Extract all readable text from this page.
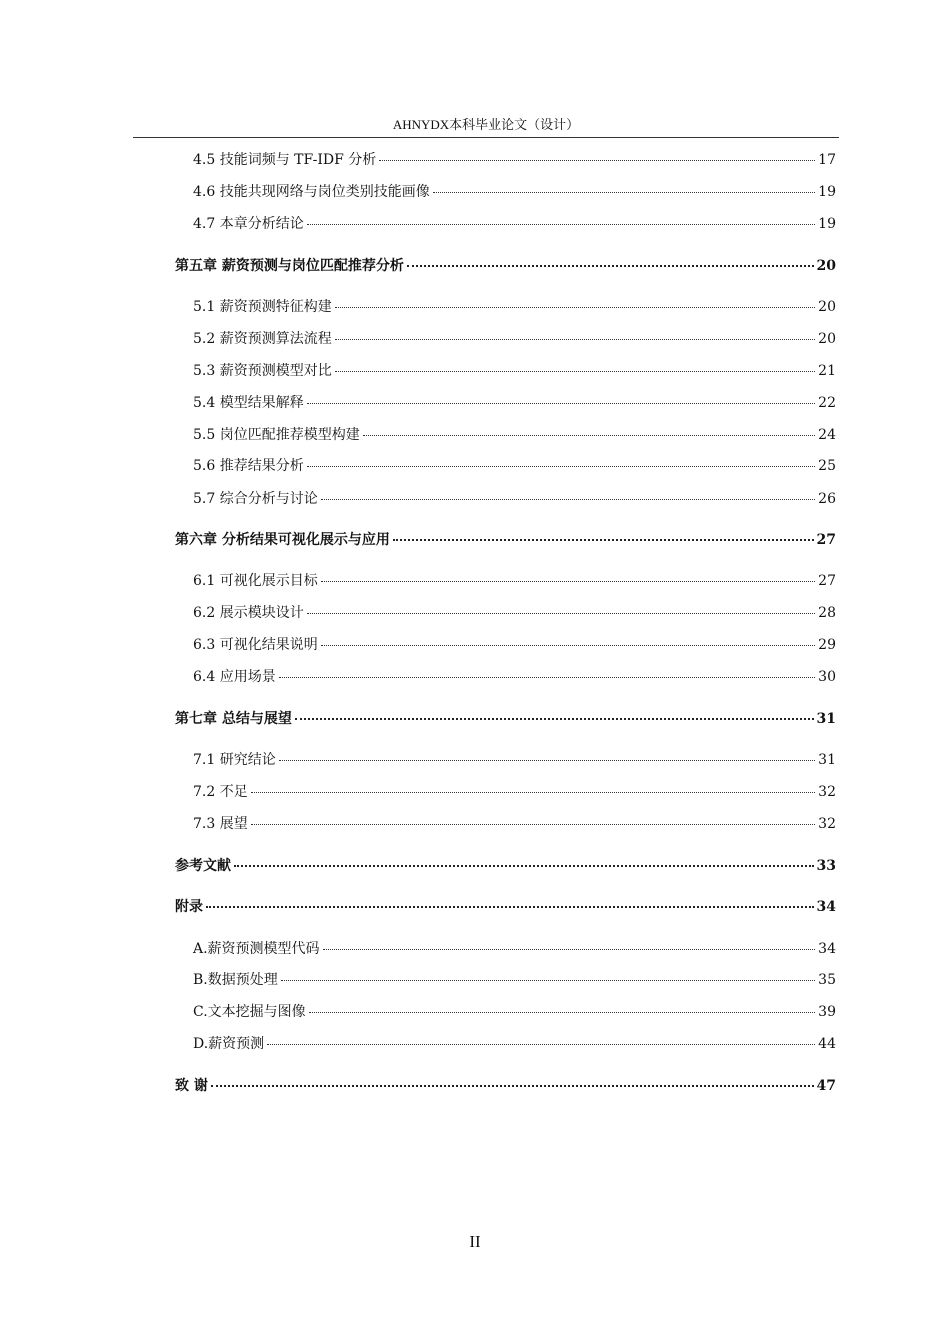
AHNYDX本科毕业论文（设计）
4.5 技能词频与 TF-IDF 分析	17
4.6 技能共现网络与岗位类别技能画像	19
4.7 本章分析结论	19
第五章 薪资预测与岗位匹配推荐分析	20
5.1 薪资预测特征构建	20
5.2 薪资预测算法流程	20
5.3 薪资预测模型对比	21
5.4 模型结果解释	22
5.5 岗位匹配推荐模型构建	24
5.6 推荐结果分析	25
5.7 综合分析与讨论	26
第六章 分析结果可视化展示与应用	27
6.1 可视化展示目标	27
6.2 展示模块设计	28
6.3 可视化结果说明	29
6.4 应用场景	30
第七章 总结与展望	31
7.1 研究结论	31
7.2 不足	32
7.3 展望	32
参考文献	33
附录	34
A.薪资预测模型代码	34
B.数据预处理	35
C.文本挖掘与图像	39
D.薪资预测	44
致 谢	47
II
